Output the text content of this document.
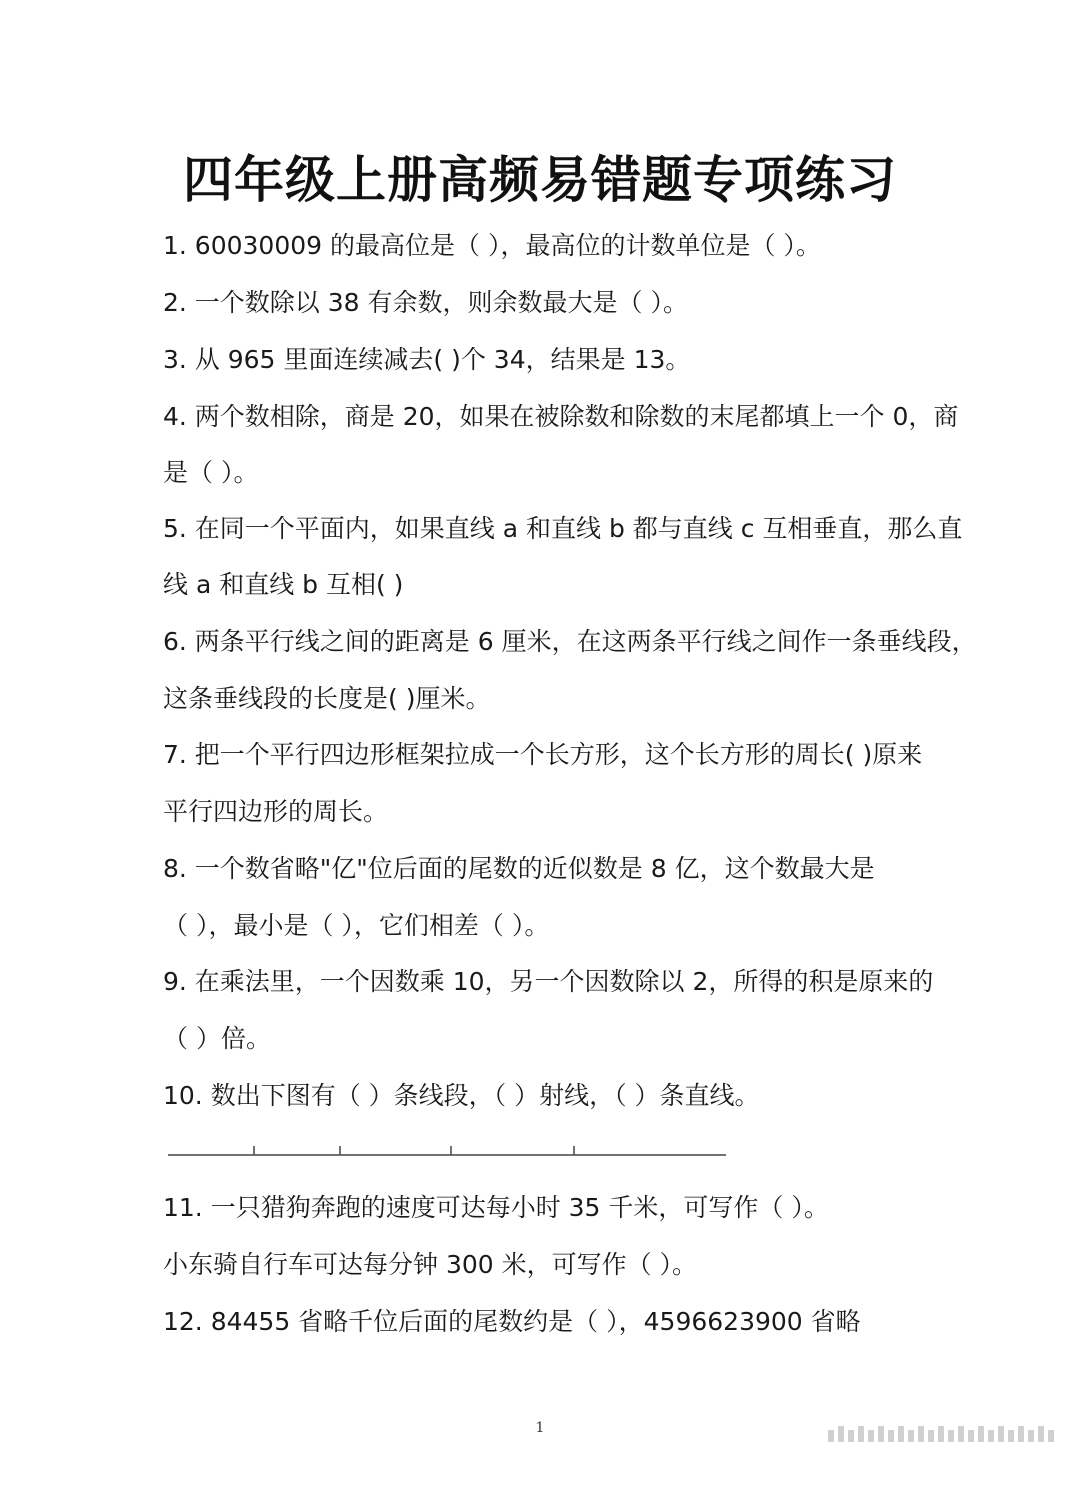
四年级上册高频易错题专项练习
1. 60030009 的最高位是（ ），最高位的计数单位是（ ）。
2. 一个数除以 38 有余数，则余数最大是（ ）。
3. 从 965 里面连续减去( )个 34，结果是 13。
4. 两个数相除，商是 20，如果在被除数和除数的末尾都填上一个 0，商
是（ ）。
5. 在同一个平面内，如果直线 a 和直线 b 都与直线 c 互相垂直，那么直
线 a 和直线 b 互相( )
6. 两条平行线之间的距离是 6 厘米，在这两条平行线之间作一条垂线段，
这条垂线段的长度是( )厘米。
7. 把一个平行四边形框架拉成一个长方形，这个长方形的周长( )原来
平行四边形的周长。
8. 一个数省略"亿"位后面的尾数的近似数是 8 亿，这个数最大是
（ ），最小是（ ），它们相差（ ）。
9. 在乘法里，一个因数乘 10，另一个因数除以 2，所得的积是原来的
（ ）倍。
10. 数出下图有（ ）条线段，（ ）射线，（ ）条直线。
11. 一只猎狗奔跑的速度可达每小时 35 千米，可写作（ ）。
小东骑自行车可达每分钟 300 米，可写作（ ）。
12. 84455 省略千位后面的尾数约是（ ），4596623900 省略
1
